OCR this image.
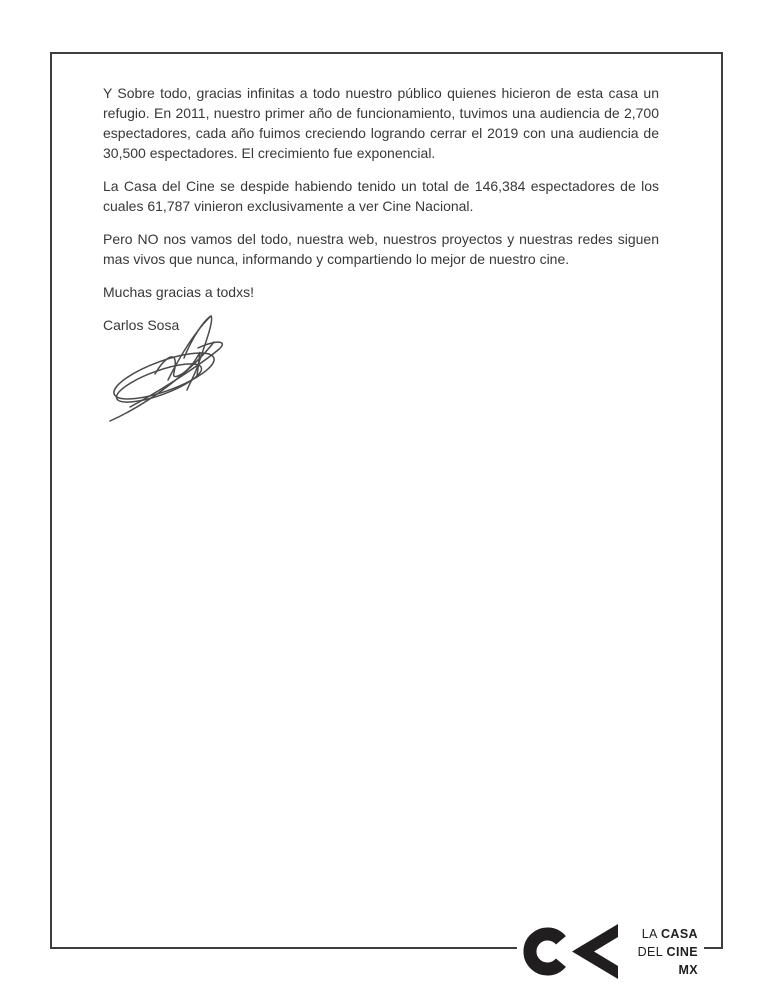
Y Sobre todo, gracias infinitas a todo nuestro público quienes hicieron de esta casa un refugio. En 2011, nuestro primer año de funcionamiento, tuvimos una audiencia de 2,700 espectadores, cada año fuimos creciendo logrando cerrar el 2019 con una audiencia de 30,500 espectadores. El crecimiento fue exponencial.

La Casa del Cine se despide habiendo tenido un total de 146,384 espectadores de los cuales 61,787 vinieron exclusivamente a ver Cine Nacional.

Pero NO nos vamos del todo, nuestra web, nuestros proyectos y nuestras redes siguen mas vivos que nunca, informando y compartiendo lo mejor de nuestro cine.

Muchas gracias a todxs!

Carlos Sosa

LA CASA
DEL CINE
MX
